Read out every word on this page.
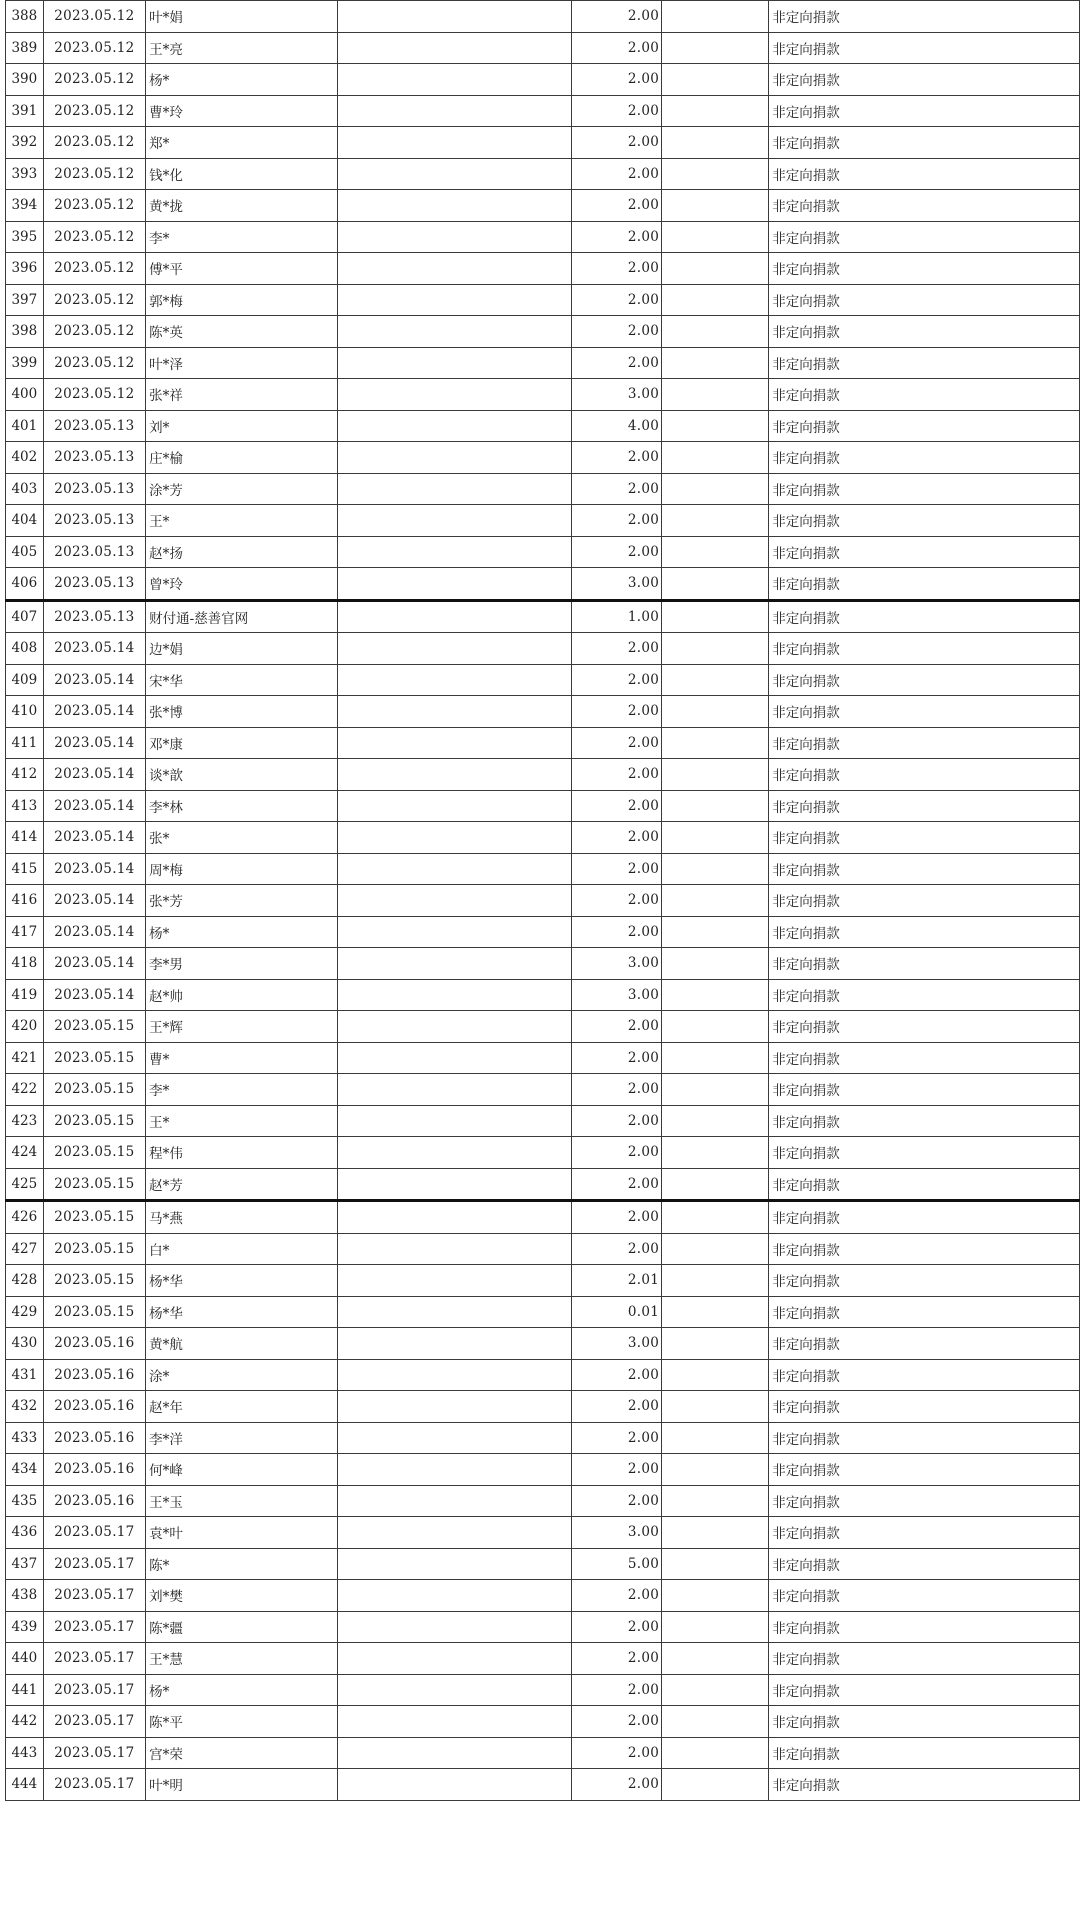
388	2023.05.12	叶*娟		2.00		非定向捐款
389	2023.05.12	王*亮		2.00		非定向捐款
390	2023.05.12	杨*		2.00		非定向捐款
391	2023.05.12	曹*玲		2.00		非定向捐款
392	2023.05.12	郑*		2.00		非定向捐款
393	2023.05.12	钱*化		2.00		非定向捐款
394	2023.05.12	黄*拢		2.00		非定向捐款
395	2023.05.12	李*		2.00		非定向捐款
396	2023.05.12	傅*平		2.00		非定向捐款
397	2023.05.12	郭*梅		2.00		非定向捐款
398	2023.05.12	陈*英		2.00		非定向捐款
399	2023.05.12	叶*泽		2.00		非定向捐款
400	2023.05.12	张*祥		3.00		非定向捐款
401	2023.05.13	刘*		4.00		非定向捐款
402	2023.05.13	庄*榆		2.00		非定向捐款
403	2023.05.13	涂*芳		2.00		非定向捐款
404	2023.05.13	王*		2.00		非定向捐款
405	2023.05.13	赵*扬		2.00		非定向捐款
406	2023.05.13	曾*玲		3.00		非定向捐款
407	2023.05.13	财付通-慈善官网		1.00		非定向捐款
408	2023.05.14	边*娟		2.00		非定向捐款
409	2023.05.14	宋*华		2.00		非定向捐款
410	2023.05.14	张*博		2.00		非定向捐款
411	2023.05.14	邓*康		2.00		非定向捐款
412	2023.05.14	谈*歆		2.00		非定向捐款
413	2023.05.14	李*林		2.00		非定向捐款
414	2023.05.14	张*		2.00		非定向捐款
415	2023.05.14	周*梅		2.00		非定向捐款
416	2023.05.14	张*芳		2.00		非定向捐款
417	2023.05.14	杨*		2.00		非定向捐款
418	2023.05.14	李*男		3.00		非定向捐款
419	2023.05.14	赵*帅		3.00		非定向捐款
420	2023.05.15	王*辉		2.00		非定向捐款
421	2023.05.15	曹*		2.00		非定向捐款
422	2023.05.15	李*		2.00		非定向捐款
423	2023.05.15	王*		2.00		非定向捐款
424	2023.05.15	程*伟		2.00		非定向捐款
425	2023.05.15	赵*芳		2.00		非定向捐款
426	2023.05.15	马*燕		2.00		非定向捐款
427	2023.05.15	白*		2.00		非定向捐款
428	2023.05.15	杨*华		2.01		非定向捐款
429	2023.05.15	杨*华		0.01		非定向捐款
430	2023.05.16	黄*航		3.00		非定向捐款
431	2023.05.16	涂*		2.00		非定向捐款
432	2023.05.16	赵*年		2.00		非定向捐款
433	2023.05.16	李*洋		2.00		非定向捐款
434	2023.05.16	何*峰		2.00		非定向捐款
435	2023.05.16	王*玉		2.00		非定向捐款
436	2023.05.17	袁*叶		3.00		非定向捐款
437	2023.05.17	陈*		5.00		非定向捐款
438	2023.05.17	刘*樊		2.00		非定向捐款
439	2023.05.17	陈*疆		2.00		非定向捐款
440	2023.05.17	王*慧		2.00		非定向捐款
441	2023.05.17	杨*		2.00		非定向捐款
442	2023.05.17	陈*平		2.00		非定向捐款
443	2023.05.17	宫*荣		2.00		非定向捐款
444	2023.05.17	叶*明		2.00		非定向捐款
